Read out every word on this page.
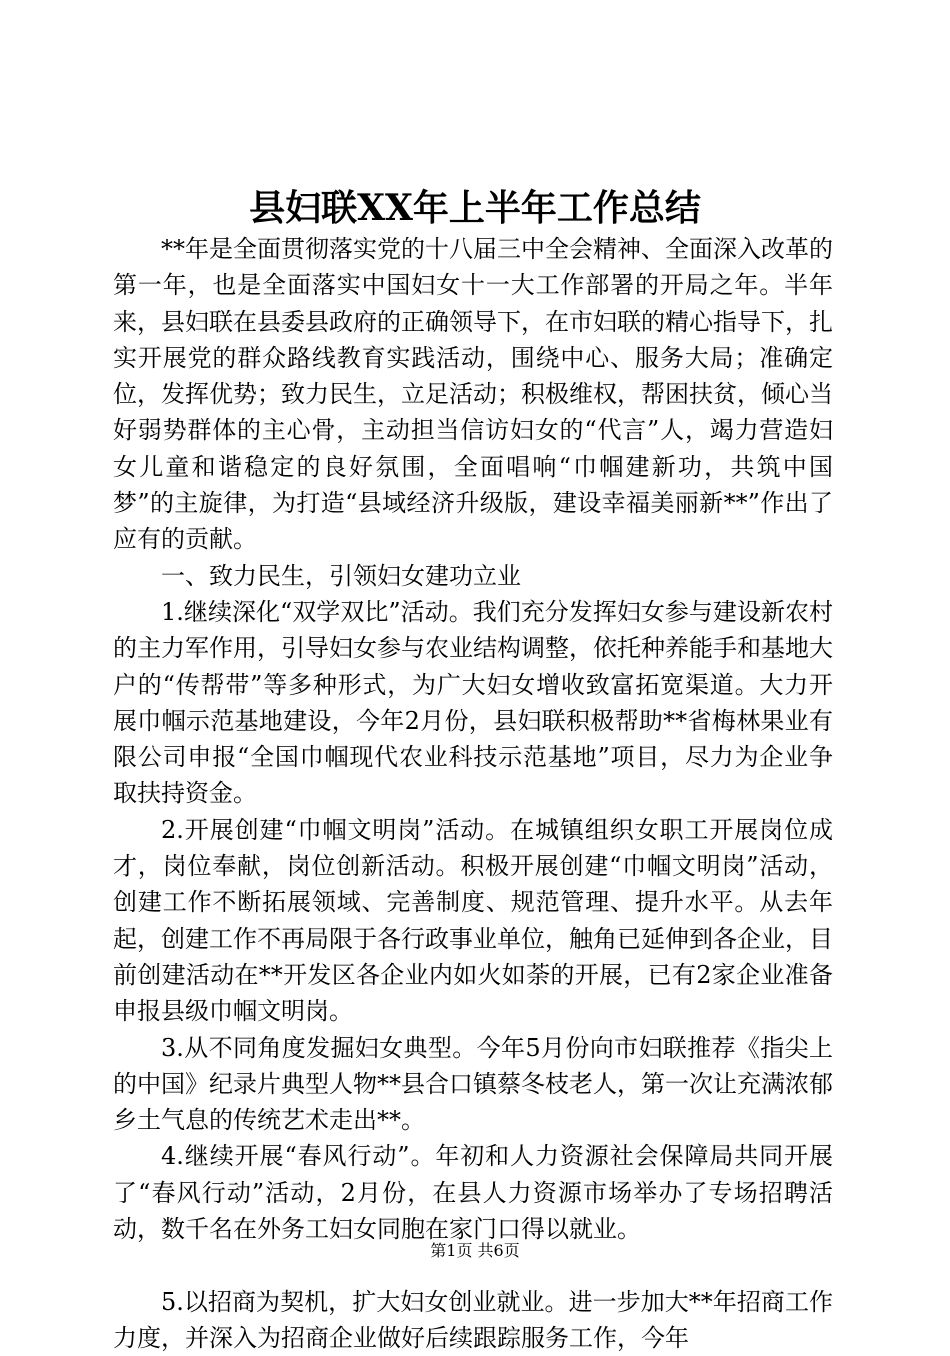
县妇联XX年上半年工作总结

**年是全面贯彻落实党的十八届三中全会精神、全面深入改革的第一年，也是全面落实中国妇女十一大工作部署的开局之年。半年来，县妇联在县委县政府的正确领导下，在市妇联的精心指导下，扎实开展党的群众路线教育实践活动，围绕中心、服务大局；准确定位，发挥优势；致力民生，立足活动；积极维权，帮困扶贫，倾心当好弱势群体的主心骨，主动担当信访妇女的“代言”人，竭力营造妇女儿童和谐稳定的良好氛围，全面唱响“巾帼建新功，共筑中国梦”的主旋律，为打造“县域经济升级版，建设幸福美丽新**”作出了应有的贡献。

一、致力民生，引领妇女建功立业

1.继续深化“双学双比”活动。我们充分发挥妇女参与建设新农村的主力军作用，引导妇女参与农业结构调整，依托种养能手和基地大户的“传帮带”等多种形式，为广大妇女增收致富拓宽渠道。大力开展巾帼示范基地建设，今年2月份，县妇联积极帮助**省梅林果业有限公司申报“全国巾帼现代农业科技示范基地”项目，尽力为企业争取扶持资金。

2.开展创建“巾帼文明岗”活动。在城镇组织女职工开展岗位成才，岗位奉献，岗位创新活动。积极开展创建“巾帼文明岗”活动，创建工作不断拓展领域、完善制度、规范管理、提升水平。从去年起，创建工作不再局限于各行政事业单位，触角已延伸到各企业，目前创建活动在**开发区各企业内如火如荼的开展，已有2家企业准备申报县级巾帼文明岗。

3.从不同角度发掘妇女典型。今年5月份向市妇联推荐《指尖上的中国》纪录片典型人物**县合口镇蔡冬枝老人，第一次让充满浓郁乡土气息的传统艺术走出**。

4.继续开展“春风行动”。年初和人力资源社会保障局共同开展了“春风行动”活动，2月份，在县人力资源市场举办了专场招聘活动，数千名在外务工妇女同胞在家门口得以就业。

5.以招商为契机，扩大妇女创业就业。进一步加大**年招商工作力度，并深入为招商企业做好后续跟踪服务工作，今年

第1页 共6页
